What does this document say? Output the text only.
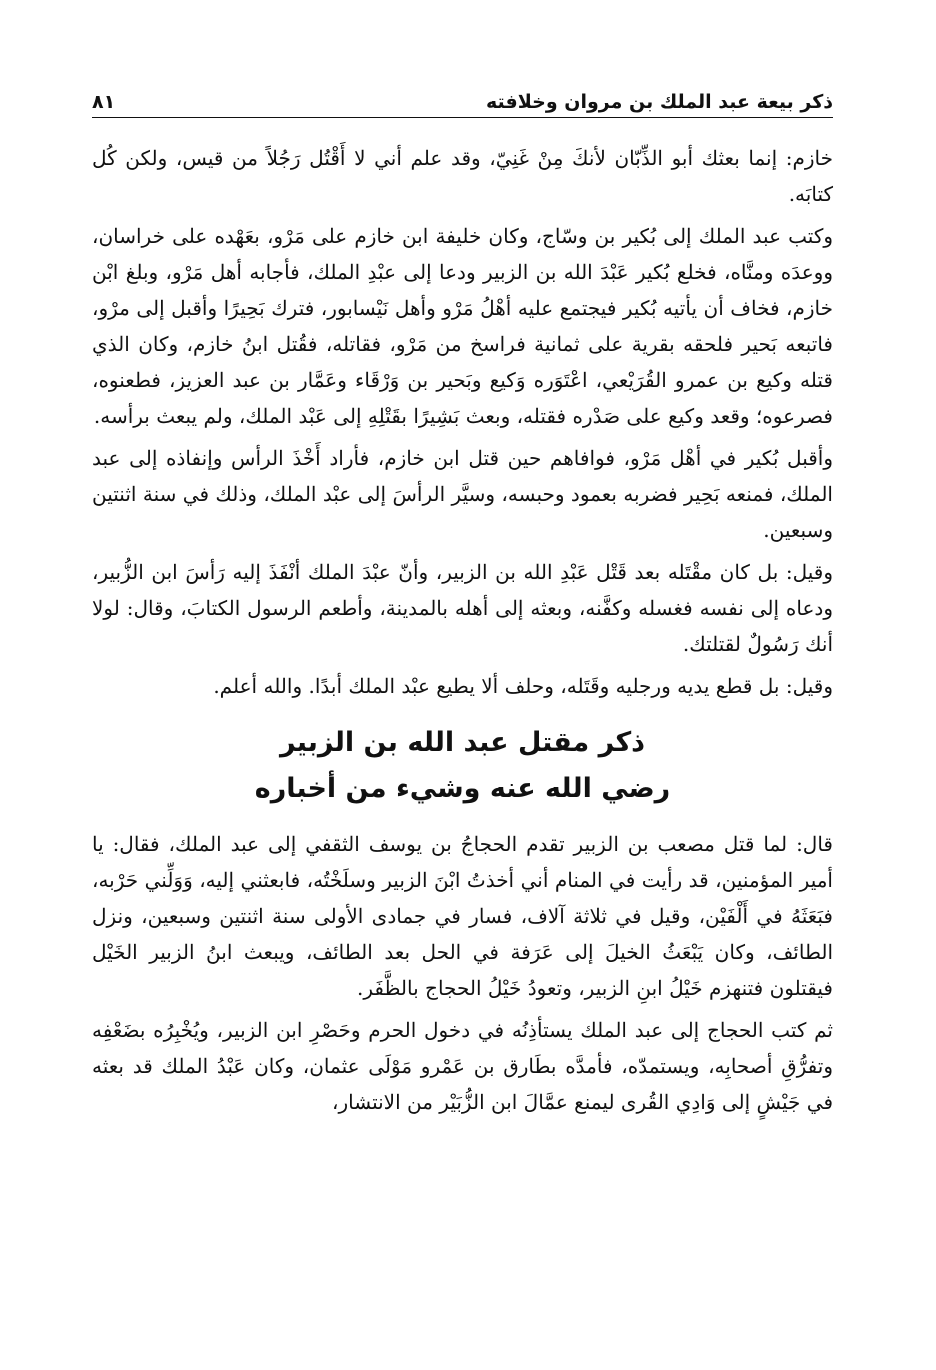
ذكر بيعة عبد الملك بن مروان وخلافته
٨١

خازم: إنما بعثك أبو الذِّبّان لأنكَ مِنْ غَنِيّ، وقد علم أني لا أَقْتُل رَجُلاً من قيس، ولكن كُل كتابَه.

وكتب عبد الملك إلى بُكير بن وسّاج، وكان خليفة ابن خازم على مَرْو، بعَهْده على خراسان، ووعدَه ومنَّاه، فخلع بُكير عَبْدَ الله بن الزبير ودعا إلى عبْدِ الملك، فأجابه أهل مَرْو، وبلغ ابْن خازم، فخاف أن يأتيه بُكير فيجتمع عليه أهْلُ مَرْو وأهل نَيْسابور، فترك بَحِيرًا وأقبل إلى مرْو، فاتبعه بَحير فلحقه بقرية على ثمانية فراسخ من مَرْو، فقاتله، فقُتل ابنُ خازم، وكان الذي قتله وكيع بن عمرو القُرَيْعي، اعْتَوَره وَكيع وبَحير بن وَرْقَاء وعَمَّار بن عبد العزيز، فطعنوه، فصرعوه؛ وقعد وكيع على صَدْره فقتله، وبعث بَشِيرًا بقَتْلِهِ إلى عَبْد الملك، ولم يبعث برأسه.

وأقبل بُكير في أهْل مَرْو، فوافاهم حين قتل ابن خازم، فأراد أَخْذَ الرأس وإنفاذه إلى عبد الملك، فمنعه بَحِير فضربه بعمود وحبسه، وسيَّر الرأسَ إلى عبْد الملك، وذلك في سنة اثنتين وسبعين.

وقيل: بل كان مقْتَله بعد قَتْل عَبْدِ الله بن الزبير، وأنّ عبْدَ الملك أنْفَذَ إليه رَأسَ ابن الزُّبير، ودعاه إلى نفسه فغسله وكفَّنه، وبعثه إلى أهله بالمدينة، وأطعم الرسول الكتابَ، وقال: لولا أنك رَسُولٌ لقتلتك.

وقيل: بل قطع يديه ورجليه وقَتَله، وحلف ألا يطيع عبْد الملك أبدًا. والله أعلم.

ذكر مقتل عبد الله بن الزبير
رضي الله عنه وشيء من أخباره

قال: لما قتل مصعب بن الزبير تقدم الحجاجُ بن يوسف الثقفي إلى عبد الملك، فقال: يا أمير المؤمنين، قد رأيت في المنام أني أخذتُ ابْنَ الزبير وسلَخْتُه، فابعثني إليه، وَوَلِّني حَرْبه، فبَعَثَهُ في أَلْفَيْن، وقيل في ثلاثة آلاف، فسار في جمادى الأولى سنة اثنتين وسبعين، ونزل الطائف، وكان يَبْعَثُ الخيلَ إلى عَرَفة في الحل بعد الطائف، ويبعث ابنُ الزبير الخَيْل فيقتلون فتنهزم خَيْلُ ابنِ الزبير، وتعودُ خَيْلُ الحجاج بالظَّفَر.

ثم كتب الحجاج إلى عبد الملك يستأذِنُه في دخول الحرم وحَصْرِ ابن الزبير، ويُخْبِرُه بضَعْفِه وتفرُّقِ أصحابِه، ويستمدّه، فأمدَّه بطَارق بن عَمْرو مَوْلَى عثمان، وكان عَبْدُ الملك قد بعثه في جَيْشٍ إلى وَادِي القُرى ليمنع عمَّالَ ابن الزُّبَيْر من الانتشار،
